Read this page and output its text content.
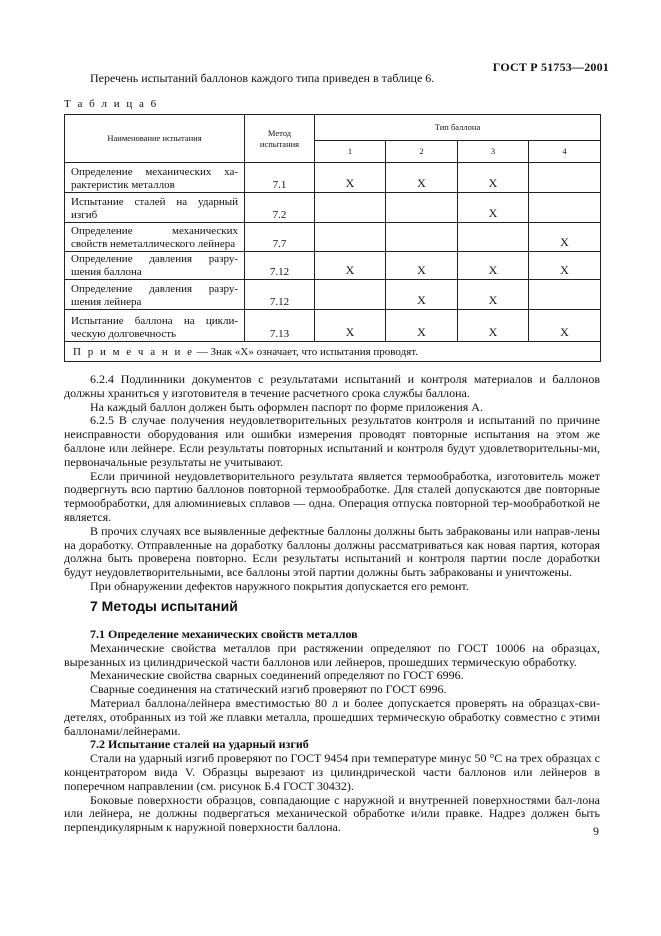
ГОСТ Р 51753—2001
Перечень испытаний баллонов каждого типа приведен в таблице 6.
Т а б л и ц а 6
Наименование испытания	Метод испытания	Тип баллона			
		1	2	3	4

Определение механических ха-
рактеристик металлов	7.1	X	X	X	

Испытание сталей на ударный
изгиб	7.2			X	

Определение механических
свойств неметаллического лейнера	7.7				X

Определение давления разру-
шения баллона	7.12	X	X	X	X

Определение давления разру-
шения лейнера	7.12		X	X	

Испытание баллона на цикли-
ческую долговечность	7.13	X	X	X	X
П р и м е ч а н и е — Знак «X» означает, что испытания проводят.					

6.2.4 Подлинники документов с результатами испытаний и контроля материалов и баллонов должны храниться у изготовителя в течение расчетного срока службы баллона.

На каждый баллон должен быть оформлен паспорт по форме приложения А.

6.2.5 В случае получения неудовлетворительных результатов контроля и испытаний по причине неисправности оборудования или ошибки измерения проводят повторные испытания на этом же баллоне или лейнере. Если результаты повторных испытаний и контроля будут удовлетворительны-ми, первоначальные результаты не учитывают.

Если причиной неудовлетворительного результата является термообработка, изготовитель может подвергнуть всю партию баллонов повторной термообработке. Для сталей допускаются две повторные термообработки, для алюминиевых сплавов — одна. Операция отпуска повторной тер-мообработкой не является.

В прочих случаях все выявленные дефектные баллоны должны быть забракованы или направ-лены на доработку. Отправленные на доработку баллоны должны рассматриваться как новая партия, которая должна быть проверена повторно. Если результаты испытаний и контроля партии после доработки будут неудовлетворительными, все баллоны этой партии должны быть забракованы и уничтожены.

При обнаружении дефектов наружного покрытия допускается его ремонт.

7 Методы испытаний

7.1 Определение механических свойств металлов

Механические свойства металлов при растяжении определяют по ГОСТ 10006 на образцах, вырезанных из цилиндрической части баллонов или лейнеров, прошедших термическую обработку.

Механические свойства сварных соединений определяют по ГОСТ 6996.

Сварные соединения на статический изгиб проверяют по ГОСТ 6996.

Материал баллона/лейнера вместимостью 80 л и более допускается проверять на образцах-сви-детелях, отобранных из той же плавки металла, прошедших термическую обработку совместно с этими баллонами/лейнерами.

7.2 Испытание сталей на ударный изгиб

Стали на ударный изгиб проверяют по ГОСТ 9454 при температуре минус 50 °С на трех образцах с концентратором вида V. Образцы вырезают из цилиндрической части баллонов или лейнеров в поперечном направлении (см. рисунок Б.4 ГОСТ 30432).

Боковые поверхности образцов, совпадающие с наружной и внутренней поверхностями бал-лона или лейнера, не должны подвергаться механической обработке и/или правке. Надрез должен быть перпендикулярным к наружной поверхности баллона.	9
